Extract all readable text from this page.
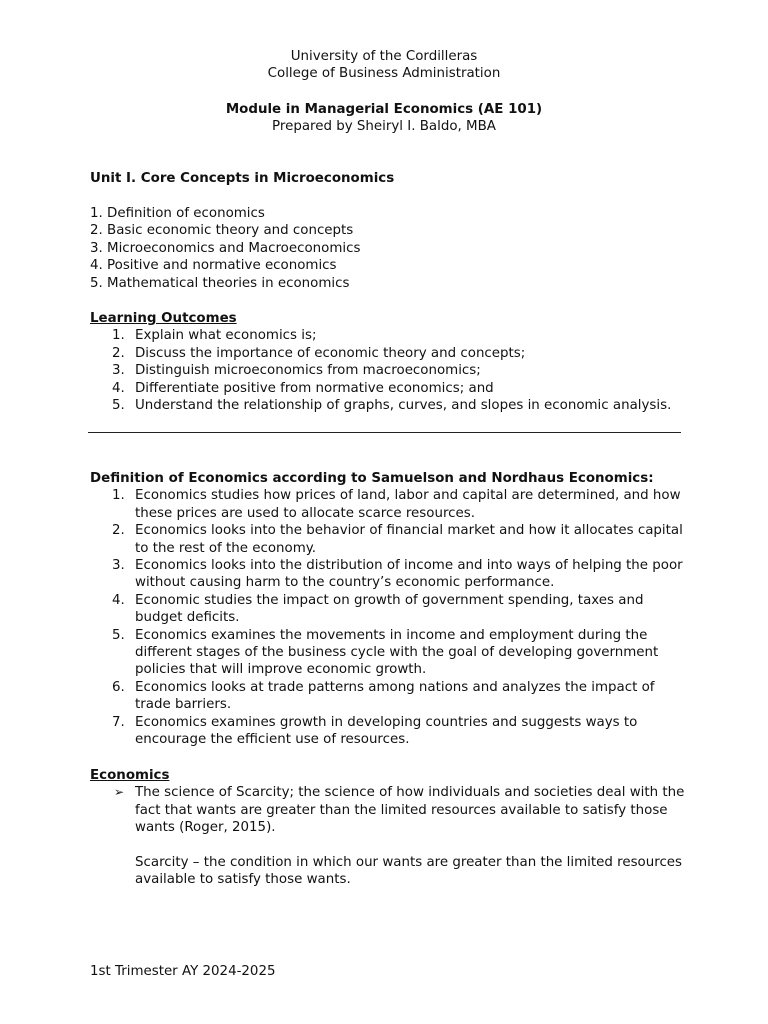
University of the Cordilleras
College of Business Administration
Module in Managerial Economics (AE 101)
Prepared by Sheiryl I. Baldo, MBA
Unit I. Core Concepts in Microeconomics
1. Definition of economics
2. Basic economic theory and concepts
3. Microeconomics and Macroeconomics
4. Positive and normative economics
5. Mathematical theories in economics
Learning Outcomes
1. Explain what economics is;
2. Discuss the importance of economic theory and concepts;
3. Distinguish microeconomics from macroeconomics;
4. Differentiate positive from normative economics; and
5. Understand the relationship of graphs, curves, and slopes in economic analysis.
Definition of Economics according to Samuelson and Nordhaus Economics:
1. Economics studies how prices of land, labor and capital are determined, and how these prices are used to allocate scarce resources.
2. Economics looks into the behavior of financial market and how it allocates capital to the rest of the economy.
3. Economics looks into the distribution of income and into ways of helping the poor without causing harm to the country’s economic performance.
4. Economic studies the impact on growth of government spending, taxes and budget deficits.
5. Economics examines the movements in income and employment during the different stages of the business cycle with the goal of developing government policies that will improve economic growth.
6. Economics looks at trade patterns among nations and analyzes the impact of trade barriers.
7. Economics examines growth in developing countries and suggests ways to encourage the efficient use of resources.
Economics
➢ The science of Scarcity; the science of how individuals and societies deal with the fact that wants are greater than the limited resources available to satisfy those wants (Roger, 2015).
Scarcity – the condition in which our wants are greater than the limited resources available to satisfy those wants.
1st Trimester AY 2024-2025
